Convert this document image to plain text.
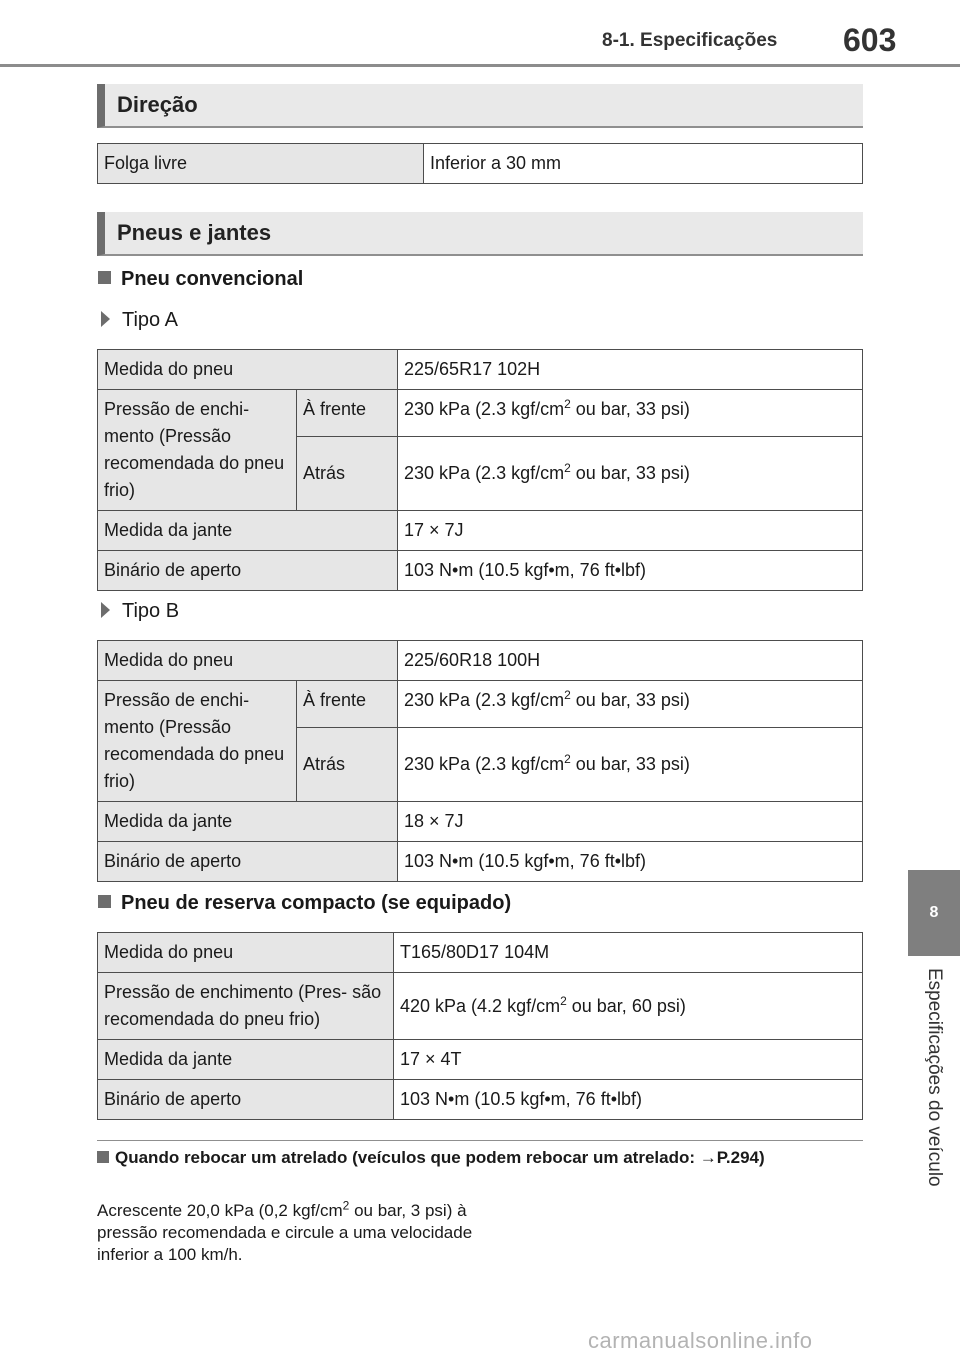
8-1. Especificações 603
8
Especificações do veículo
Direção
Folga livre	Inferior a 30 mm
Pneus e jantes
Pneu convencional
Tipo A
Medida do pneu		225/65R17 102H
Pressão de enchi- mento (Pressão recomendada do pneu frio)	À frente	230 kPa (2.3 kgf/$cm^2$ ou bar, 33 psi)
	Atrás	230 kPa (2.3 kgf/$cm^2$ ou bar, 33 psi)
Medida da jante		17 × 7J
Binário de aperto		103 N•m (10.5 kgf•m, 76 ft•lbf)
Tipo B
Medida do pneu		225/60R18 100H
Pressão de enchi- mento (Pressão recomendada do pneu frio)	À frente	230 kPa (2.3 kgf/$cm^2$ ou bar, 33 psi)
	Atrás	230 kPa (2.3 kgf/$cm^2$ ou bar, 33 psi)
Medida da jante		18 × 7J
Binário de aperto		103 N•m (10.5 kgf•m, 76 ft•lbf)
Pneu de reserva compacto (se equipado)
Medida do pneu	T165/80D17 104M
Pressão de enchimento (Pres- são recomendada do pneu frio)	420 kPa (4.2 kgf/$cm^2$ ou bar, 60 psi)
Medida da jante	17 × 4T
Binário de aperto	103 N•m (10.5 kgf•m, 76 ft•lbf)
Quando rebocar um atrelado (veículos que podem rebocar um atrelado: →P.294)
Acrescente 20,0 kPa (0,2 kgf/$cm^2$ ou bar, 3 psi) à pressão recomendada e circule a uma velocidade inferior a 100 km/h.
carmanualsonline.info
